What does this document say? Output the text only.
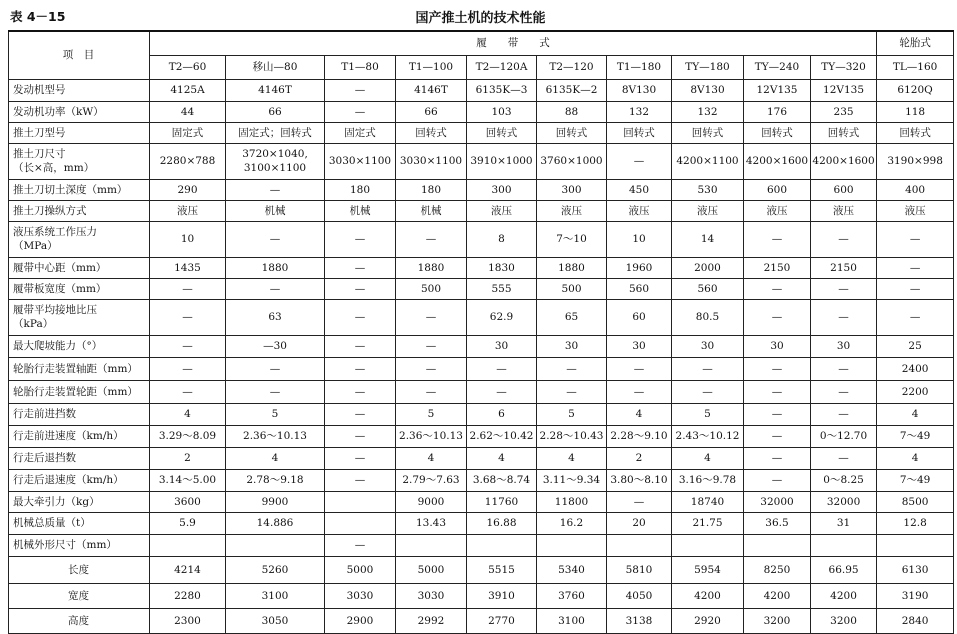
表 4－15	国产推土机的技术性能
项　目	履　　带　　式										轮胎式
	T2—60	移山—80	T1—80	T1—100	T2—120A	T2—120	T1—180	TY—180	TY—240	TY—320	TL—160
发动机型号	4125A	4146T	—	4146T	6135K—3	6135K—2	8V130	8V130	12V135	12V135	6120Q
发动机功率（kW）	44	66	—	66	103	88	132	132	176	235	118
推土刀型号	固定式	固定式；回转式	固定式	回转式	回转式	回转式	回转式	回转式	回转式	回转式	回转式
推土刀尺寸
（长×高，mm）	2280×788	3720×1040,
3100×1100	3030×1100	3030×1100	3910×1000	3760×1000	—	4200×1100	4200×1600	4200×1600	3190×998
推土刀切土深度（mm）	290	—	180	180	300	300	450	530	600	600	400
推土刀操纵方式	液压	机械	机械	机械	液压	液压	液压	液压	液压	液压	液压
液压系统工作压力
（MPa）	10	—	—	—	8	7～10	10	14	—	—	—
履带中心距（mm）	1435	1880	—	1880	1830	1880	1960	2000	2150	2150	—
履带板宽度（mm）	—	—	—	500	555	500	560	560	—	—	—
履带平均接地比压
（kPa）	—	63	—	—	62.9	65	60	80.5	—	—	—
最大爬坡能力（°）	—	—30	—	—	30	30	30	30	30	30	25
轮胎行走装置轴距（mm）	—	—	—	—	—	—	—	—	—	—	2400
轮胎行走装置轮距（mm）	—	—	—	—	—	—	—	—	—	—	2200
行走前进挡数	4	5	—	5	6	5	4	5	—	—	4
行走前进速度（km/h）	3.29～8.09	2.36～10.13	—	2.36～10.13	2.62～10.42	2.28～10.43	2.28～9.10	2.43～10.12	—	0～12.70	7～49
行走后退挡数	2	4	—	4	4	4	2	4	—	—	4
行走后退速度（km/h）	3.14～5.00	2.78～9.18	—	2.79～7.63	3.68～8.74	3.11～9.34	3.80～8.10	3.16～9.78	—	0～8.25	7～49
最大牵引力（kg）	3600	9900		9000	11760	11800	—	18740	32000	32000	8500
机械总质量（t）	5.9	14.886		13.43	16.88	16.2	20	21.75	36.5	31	12.8
机械外形尺寸（mm）			—								
长度	4214	5260	5000	5000	5515	5340	5810	5954	8250	66.95	6130
宽度	2280	3100	3030	3030	3910	3760	4050	4200	4200	4200	3190
高度	2300	3050	2900	2992	2770	3100	3138	2920	3200	3200	2840
